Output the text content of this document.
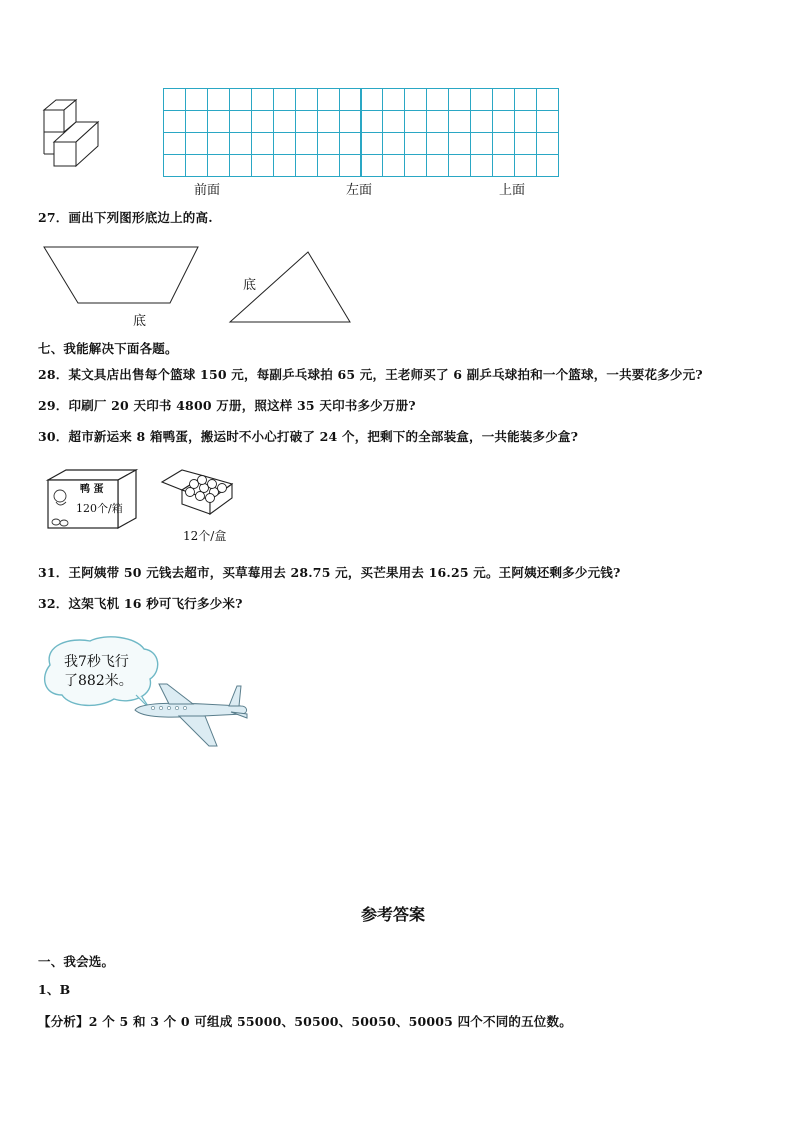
前面	左面	上面
27．画出下列图形底边上的高.
底
底
七、我能解决下面各题。
28．某文具店出售每个篮球 150 元，每副乒乓球拍 65 元，王老师买了 6 副乒乓球拍和一个篮球，一共要花多少元?
29．印刷厂 20 天印书 4800 万册，照这样 35 天印书多少万册?
30．超市新运来 8 箱鸭蛋，搬运时不小心打破了 24 个，把剩下的全部装盒，一共能装多少盒?
鸭 蛋
120个/箱
12个/盒
31．王阿姨带 50 元钱去超市，买草莓用去 28.75 元，买芒果用去 16.25 元。王阿姨还剩多少元钱?
32．这架飞机 16 秒可飞行多少米?
我7秒飞行
了882米。
参考答案
一、我会选。
1、B
【分析】2 个 5 和 3 个 0 可组成 55000、50500、50050、50005 四个不同的五位数。
